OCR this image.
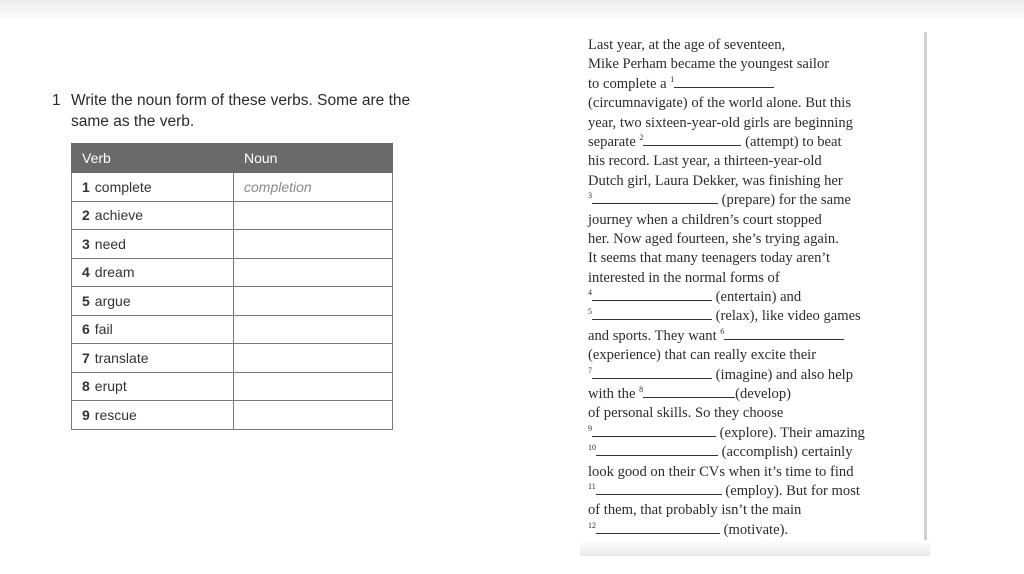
1 Write the noun form of these verbs. Some are the same as the verb.
Verb	Noun
1 complete	completion
2 achieve	
3 need	
4 dream	
5 argue	
6 fail	
7 translate	
8 erupt	
9 rescue	
Last year, at the age of seventeen,
Mike Perham became the youngest sailor
to complete a $^1$
(circumnavigate) of the world alone. But this
year, two sixteen-year-old girls are beginning
separate $^2$	(attempt) to beat
his record. Last year, a thirteen-year-old
Dutch girl, Laura Dekker, was finishing her
$^3$	(prepare) for the same
journey when a children’s court stopped
her. Now aged fourteen, she’s trying again.
It seems that many teenagers today aren’t
interested in the normal forms of
$^4$	(entertain) and
$^5$	(relax), like video games
and sports. They want $^6$
(experience) that can really excite their
$^7$	(imagine) and also help
with the $^8$	(develop)
of personal skills. So they choose
$^9$	(explore). Their amazing
$^{10}$	(accomplish) certainly
look good on their CVs when it’s time to find
$^{11}$	(employ). But for most
of them, that probably isn’t the main
$^{12}$	(motivate).
